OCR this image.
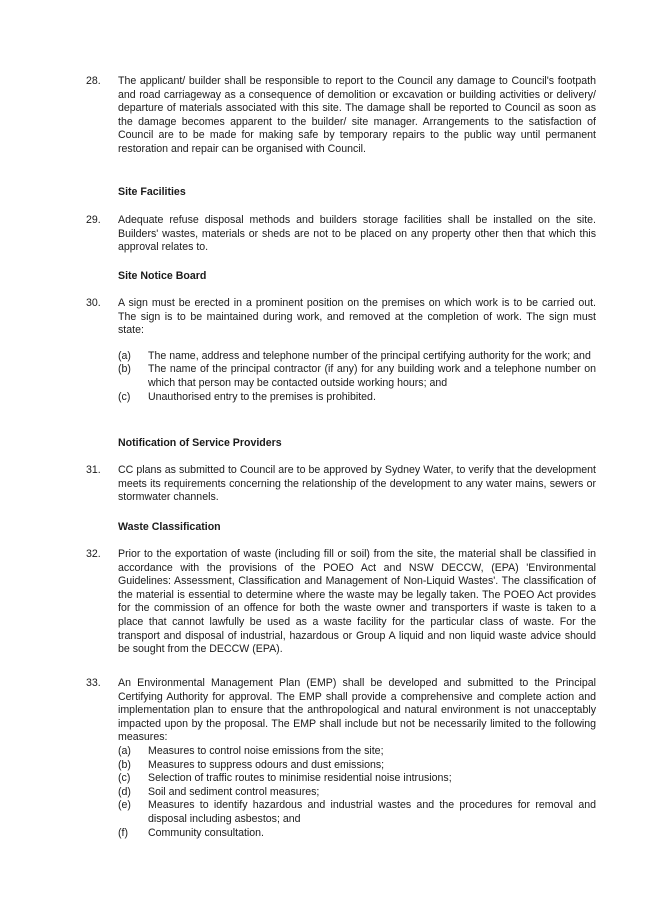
28.	The applicant/ builder shall be responsible to report to the Council any damage to Council's footpath and road carriageway as a consequence of demolition or excavation or building activities or delivery/ departure of materials associated with this site. The damage shall be reported to Council as soon as the damage becomes apparent to the builder/ site manager. Arrangements to the satisfaction of Council are to be made for making safe by temporary repairs to the public way until permanent restoration and repair can be organised with Council.
Site Facilities
29.	Adequate refuse disposal methods and builders storage facilities shall be installed on the site. Builders' wastes, materials or sheds are not to be placed on any property other then that which this approval relates to.
Site Notice Board
30.	A sign must be erected in a prominent position on the premises on which work is to be carried out. The sign is to be maintained during work, and removed at the completion of work. The sign must state:
(a) The name, address and telephone number of the principal certifying authority for the work; and
(b) The name of the principal contractor (if any) for any building work and a telephone number on which that person may be contacted outside working hours; and
(c) Unauthorised entry to the premises is prohibited.
Notification of Service Providers
31.	CC plans as submitted to Council are to be approved by Sydney Water, to verify that the development meets its requirements concerning the relationship of the development to any water mains, sewers or stormwater channels.
Waste Classification
32.	Prior to the exportation of waste (including fill or soil) from the site, the material shall be classified in accordance with the provisions of the POEO Act and NSW DECCW, (EPA) 'Environmental Guidelines: Assessment, Classification and Management of Non-Liquid Wastes'. The classification of the material is essential to determine where the waste may be legally taken. The POEO Act provides for the commission of an offence for both the waste owner and transporters if waste is taken to a place that cannot lawfully be used as a waste facility for the particular class of waste. For the transport and disposal of industrial, hazardous or Group A liquid and non liquid waste advice should be sought from the DECCW (EPA).
33.	An Environmental Management Plan (EMP) shall be developed and submitted to the Principal Certifying Authority for approval. The EMP shall provide a comprehensive and complete action and implementation plan to ensure that the anthropological and natural environment is not unacceptably impacted upon by the proposal. The EMP shall include but not be necessarily limited to the following measures:
(a) Measures to control noise emissions from the site;
(b) Measures to suppress odours and dust emissions;
(c) Selection of traffic routes to minimise residential noise intrusions;
(d) Soil and sediment control measures;
(e) Measures to identify hazardous and industrial wastes and the procedures for removal and disposal including asbestos; and
(f) Community consultation.
